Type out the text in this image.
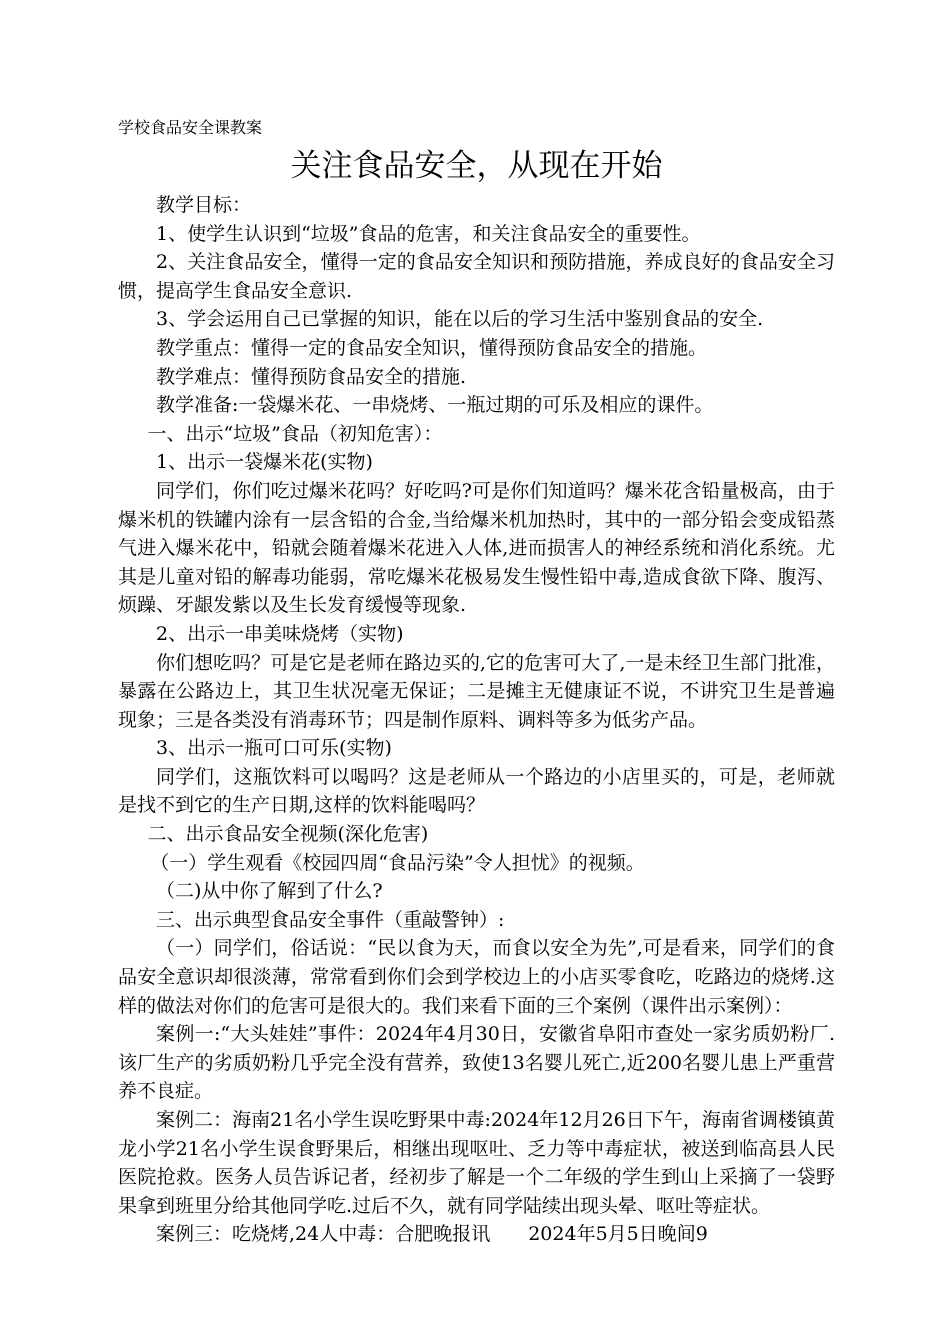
学校食品安全课教案

关注食品安全，从现在开始

教学目标：

1、使学生认识到“垃圾”食品的危害，和关注食品安全的重要性。

2、关注食品安全，懂得一定的食品安全知识和预防措施，养成良好的食品安全习惯，提高学生食品安全意识.

3、学会运用自己已掌握的知识，能在以后的学习生活中鉴别食品的安全.

教学重点：懂得一定的食品安全知识，懂得预防食品安全的措施。

教学难点：懂得预防食品安全的措施.

教学准备:一袋爆米花、一串烧烤、一瓶过期的可乐及相应的课件。

一、出示“垃圾”食品（初知危害）：

1、出示一袋爆米花(实物)

同学们，你们吃过爆米花吗？好吃吗?可是你们知道吗？爆米花含铅量极高，由于爆米机的铁罐内涂有一层含铅的合金,当给爆米机加热时，其中的一部分铅会变成铅蒸气进入爆米花中，铅就会随着爆米花进入人体,进而损害人的神经系统和消化系统。尤其是儿童对铅的解毒功能弱，常吃爆米花极易发生慢性铅中毒,造成食欲下降、腹泻、烦躁、牙龈发紫以及生长发育缓慢等现象.

2、出示一串美味烧烤（实物)

你们想吃吗？可是它是老师在路边买的,它的危害可大了,一是未经卫生部门批准，暴露在公路边上，其卫生状况毫无保证；二是摊主无健康证不说，不讲究卫生是普遍现象；三是各类没有消毒环节；四是制作原料、调料等多为低劣产品。

3、出示一瓶可口可乐(实物)

同学们，这瓶饮料可以喝吗？这是老师从一个路边的小店里买的，可是，老师就是找不到它的生产日期,这样的饮料能喝吗？

二、出示食品安全视频(深化危害)

（一）学生观看《校园四周“食品污染”令人担忧》的视频。

（二)从中你了解到了什么?

三、出示典型食品安全事件（重敲警钟）:

（一）同学们，俗话说：“民以食为天，而食以安全为先”,可是看来，同学们的食品安全意识却很淡薄，常常看到你们会到学校边上的小店买零食吃，吃路边的烧烤.这样的做法对你们的危害可是很大的。我们来看下面的三个案例（课件出示案例）：

案例一:“大头娃娃”事件：2024年4月30日，安徽省阜阳市查处一家劣质奶粉厂.该厂生产的劣质奶粉几乎完全没有营养，致使13名婴儿死亡,近200名婴儿患上严重营养不良症。

案例二：海南21名小学生误吃野果中毒:2024年12月26日下午，海南省调楼镇黄龙小学21名小学生误食野果后，相继出现呕吐、乏力等中毒症状，被送到临高县人民医院抢救。医务人员告诉记者，经初步了解是一个二年级的学生到山上采摘了一袋野果拿到班里分给其他同学吃.过后不久，就有同学陆续出现头晕、呕吐等症状。

案例三：吃烧烤,24人中毒：合肥晚报讯　　2024年5月5日晚间9
